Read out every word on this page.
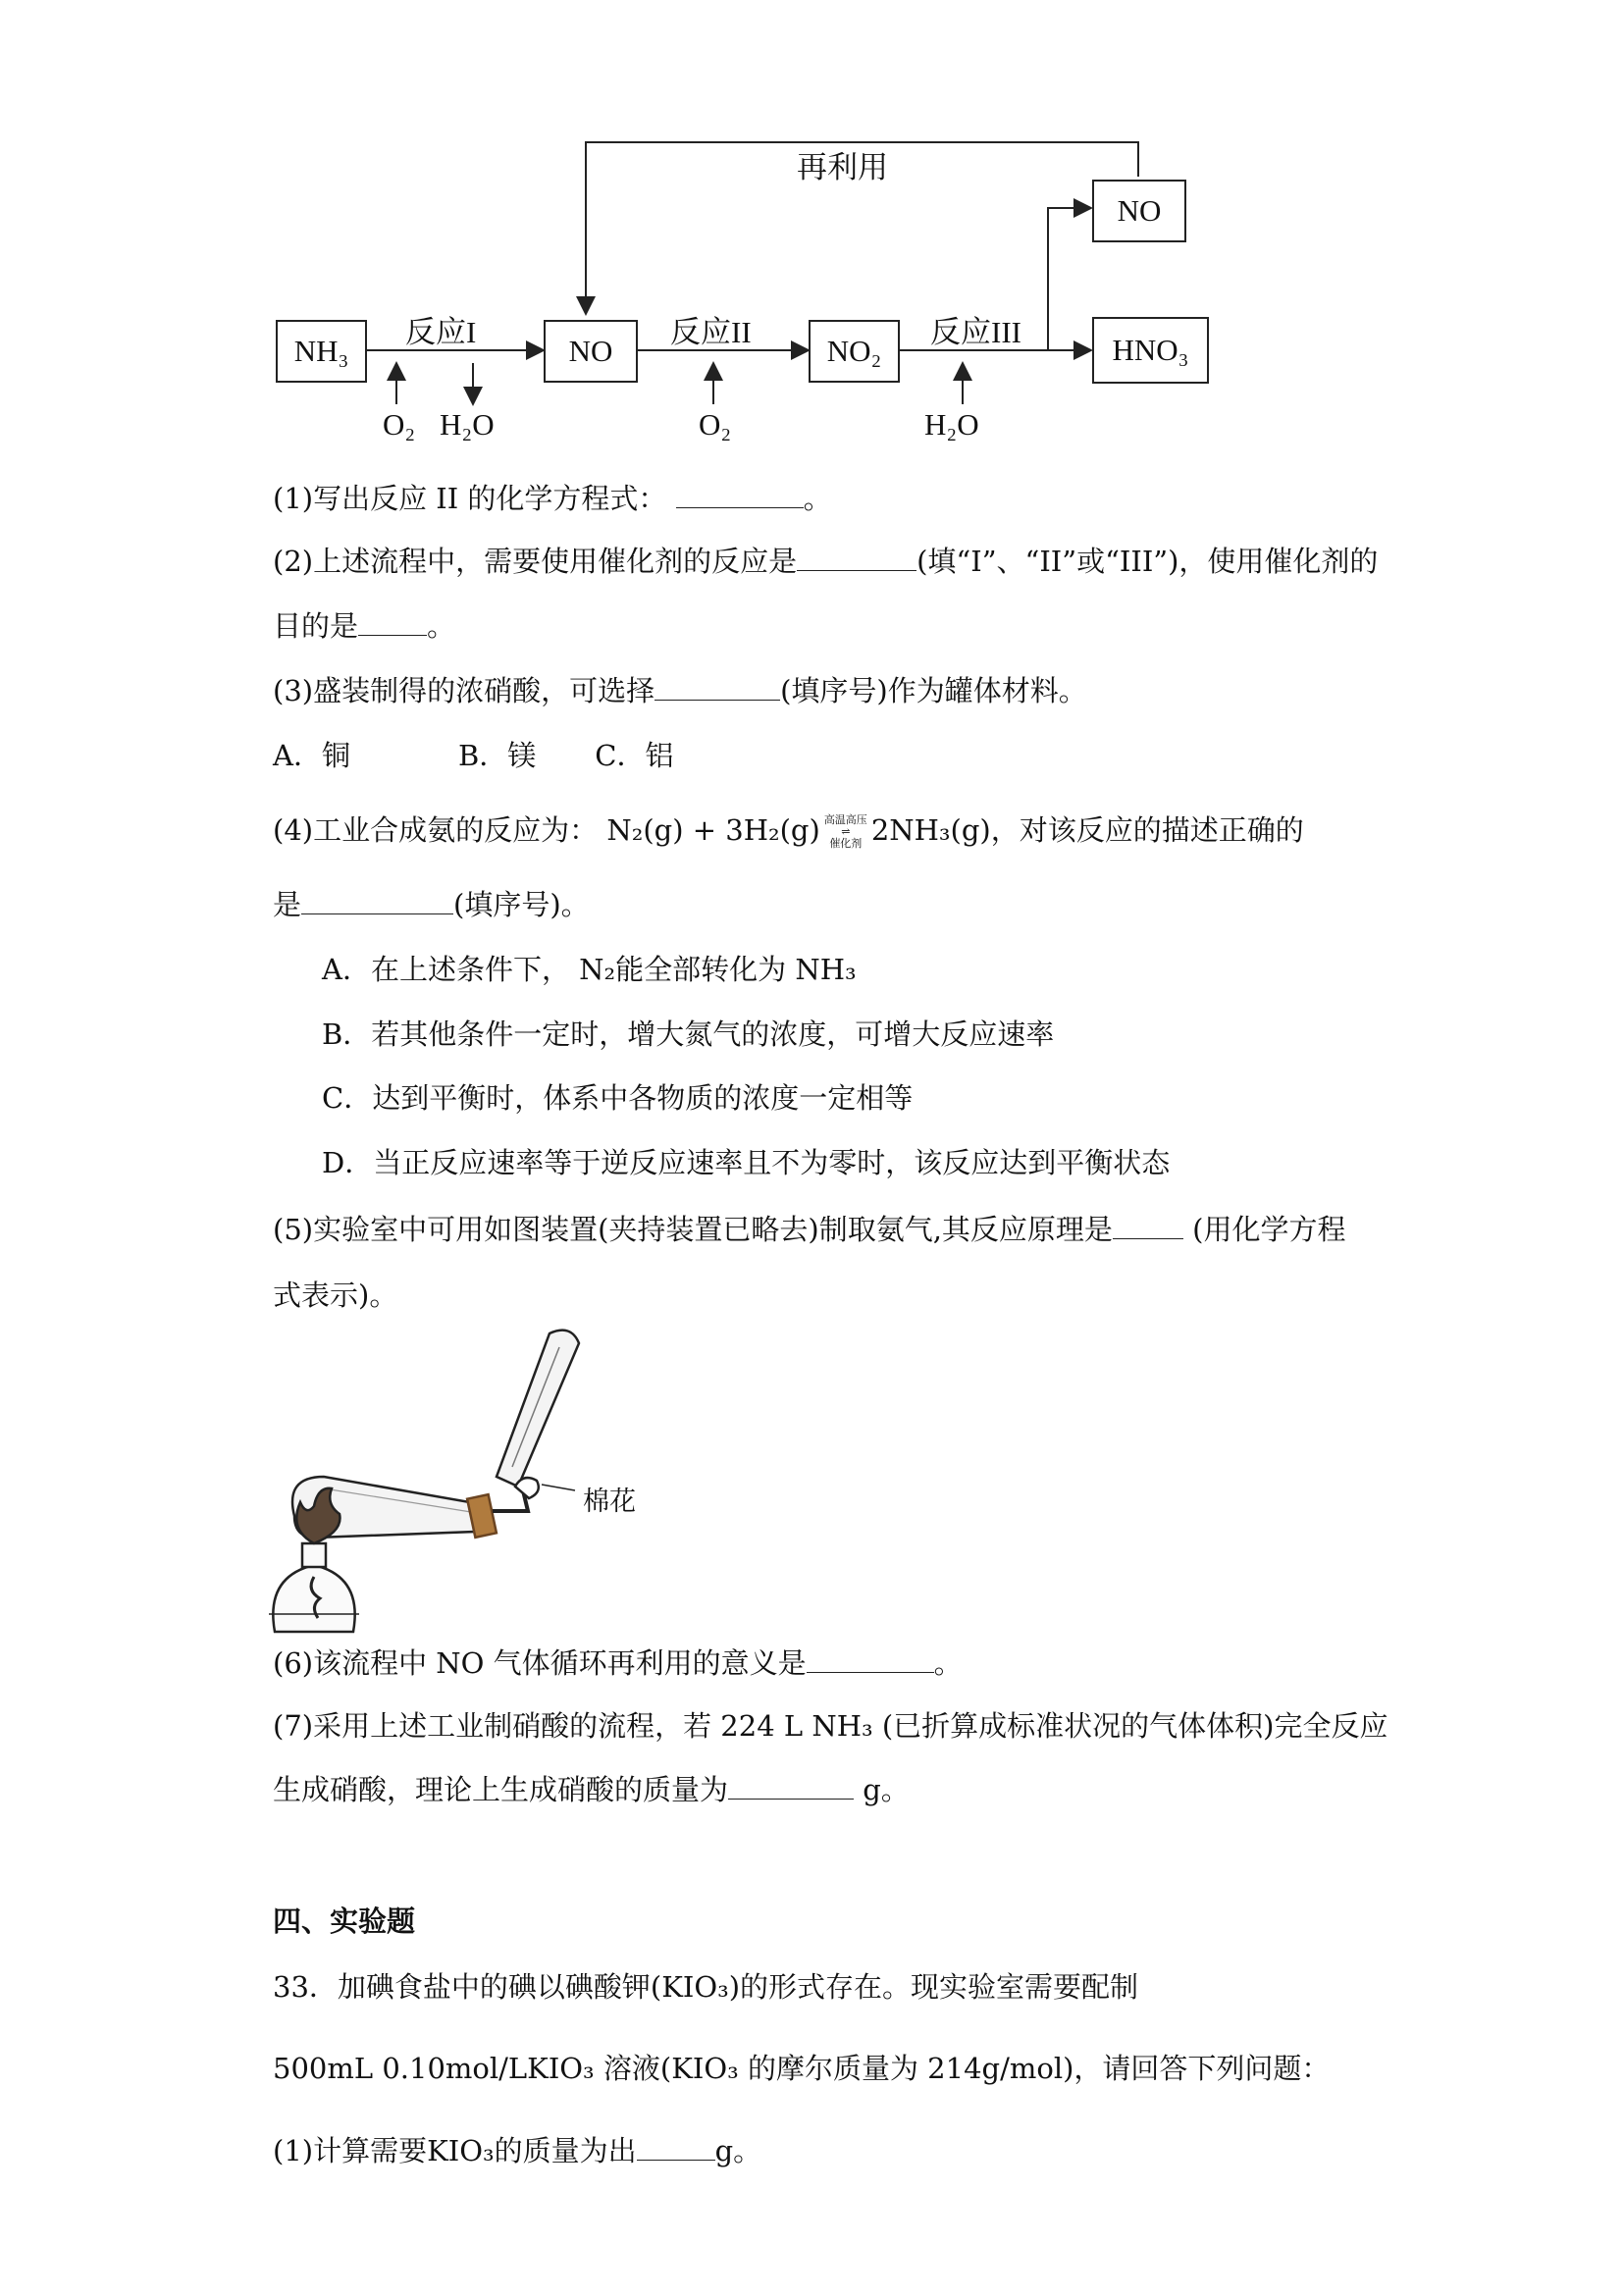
再利用
NH₃	NO	NO₂	HNO₃
NO
反应I	反应II	反应III
O₂ H₂O	O₂	H₂O
(1)写出反应 II 的化学方程式：	。
(2)上述流程中，需要使用催化剂的反应是	(填“I”、“II”或“III”)，使用催化剂的
目的是 。
(3)盛装制得的浓硝酸，可选择	(填序号)作为罐体材料。
A．铜	B．镁 C．铝
(4)工业合成氨的反应为： N₂(g) + 3H₂(g) 高温高压
⇌
催化剂 2NH₃(g)，对该反应的描述正确的
是	(填序号)。
A．在上述条件下， N₂能全部转化为 NH₃
B．若其他条件一定时，增大氮气的浓度，可增大反应速率
C．达到平衡时，体系中各物质的浓度一定相等
D．当正反应速率等于逆反应速率且不为零时，该反应达到平衡状态
(5)实验室中可用如图装置(夹持装置已略去)制取氨气,其反应原理是	(用化学方程
式表示)。
棉花
(6)该流程中 NO 气体循环再利用的意义是	。
(7)采用上述工业制硝酸的流程，若 224 L NH₃ (已折算成标准状况的气体体积)完全反应
生成硝酸，理论上生成硝酸的质量为	g。
四、实验题
33．加碘食盐中的碘以碘酸钾(KIO₃)的形式存在。现实验室需要配制
500mL 0.10mol/LKIO₃ 溶液(KIO₃ 的摩尔质量为 214g/mol)，请回答下列问题：
(1)计算需要KIO₃的质量为出	g。
